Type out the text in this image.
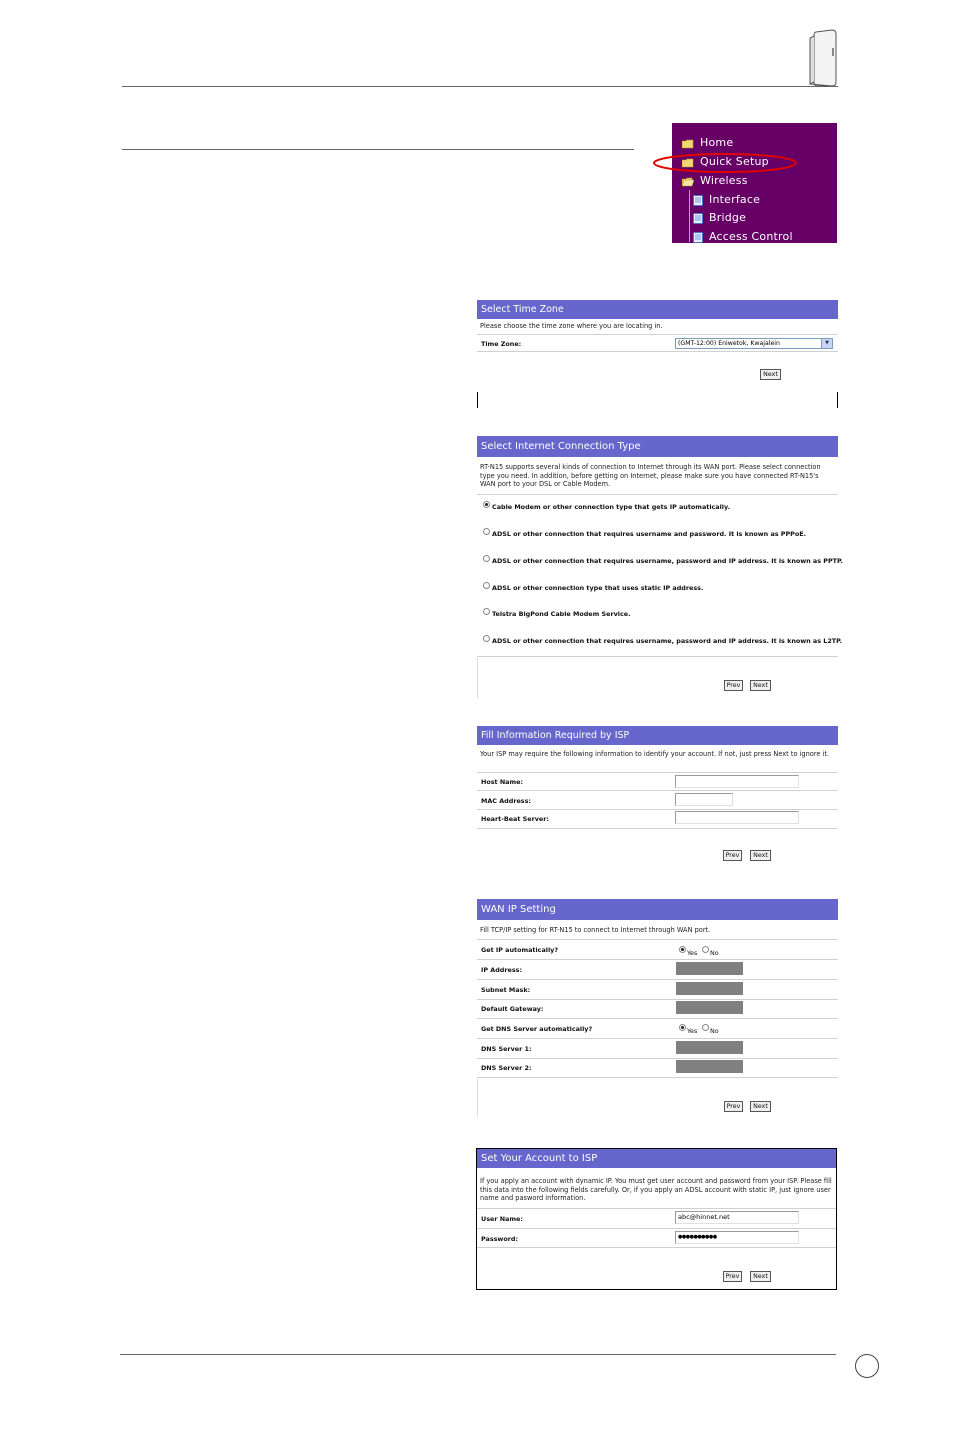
Home
Quick Setup
Wireless
Interface
Bridge
Access Control
Select Time Zone
Please choose the time zone where you are locating in.
Time Zone:	(GMT-12:00) Eniwetok, Kwajalein	▼
Next
Select Internet Connection Type
RT-N15 supports several kinds of connection to Internet through its WAN port. Please select connection type you need. In addition, before getting on Internet, please make sure you have connected RT-N15's WAN port to your DSL or Cable Modem.
Cable Modem or other connection type that gets IP automatically.
ADSL or other connection that requires username and password. It is known as PPPoE.
ADSL or other connection that requires username, password and IP address. It is known as PPTP.
ADSL or other connection type that uses static IP address.
Telstra BigPond Cable Modem Service.
ADSL or other connection that requires username, password and IP address. It is known as L2TP.
Prev	Next
Fill Information Required by ISP
Your ISP may require the following information to identify your account. If not, just press Next to ignore it.
Host Name:
MAC Address:
Heart-Beat Server:
Prev	Next
WAN IP Setting
Fill TCP/IP setting for RT-N15 to connect to Internet through WAN port.
Get IP automatically?	Yes No
IP Address:
Subnet Mask:
Default Gateway:
Get DNS Server automatically?	Yes No
DNS Server 1:
DNS Server 2:
Prev	Next
Set Your Account to ISP
If you apply an account with dynamic IP. You must get user account and password from your ISP. Please fill this data into the following fields carefully. Or, if you apply an ADSL account with static IP, just ignore user name and pasword information.
User Name:	abc@hinnet.net
Password:	●●●●●●●●●●
Prev	Next
